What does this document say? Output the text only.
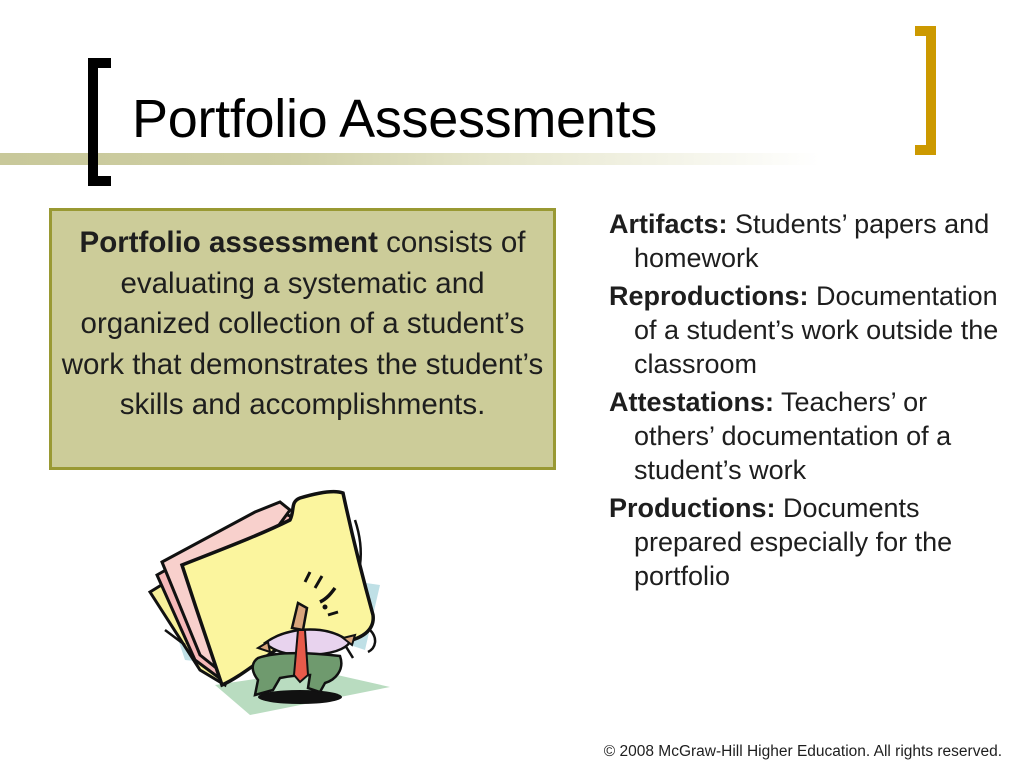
Portfolio Assessments

Portfolio assessment consists of evaluating a systematic and organized collection of a student’s work that demonstrates the student’s skills and accomplishments.

Artifacts: Students’ papers and homework
Reproductions: Documentation of a student’s work outside the classroom
Attestations: Teachers’ or others’ documentation of a student’s work
Productions: Documents prepared especially for the portfolio
© 2008 McGraw-Hill Higher Education. All rights reserved.
